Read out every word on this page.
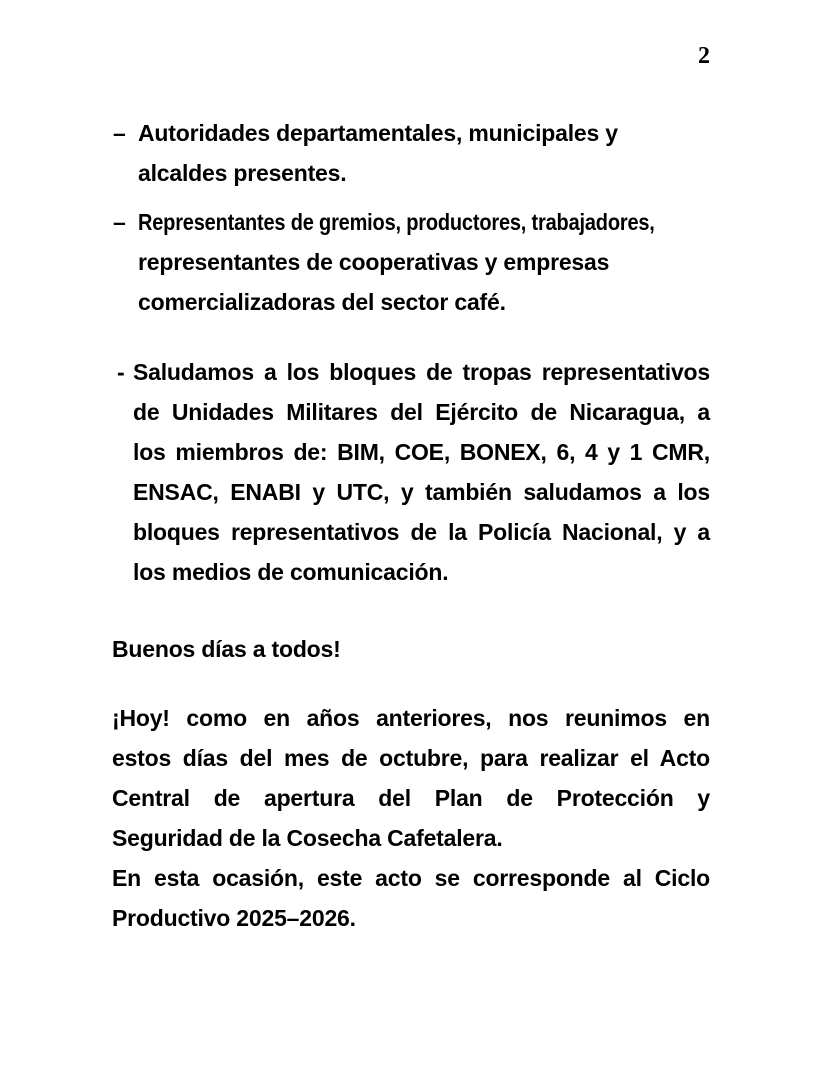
2
– Autoridades departamentales, municipales y
alcaldes presentes.
– Representantes de gremios, productores, trabajadores,
representantes de cooperativas y empresas
comercializadoras del sector café.
- Saludamos a los bloques de tropas representativos
de Unidades Militares del Ejército de Nicaragua, a
los miembros de: BIM, COE, BONEX, 6, 4 y 1 CMR,
ENSAC, ENABI y UTC, y también saludamos a los
bloques representativos de la Policía Nacional, y a
los medios de comunicación.
Buenos días a todos!
¡Hoy! como en años anteriores, nos reunimos en
estos días del mes de octubre, para realizar el Acto
Central de apertura del Plan de Protección y
Seguridad de la Cosecha Cafetalera.
En esta ocasión, este acto se corresponde al Ciclo
Productivo 2025–2026.
